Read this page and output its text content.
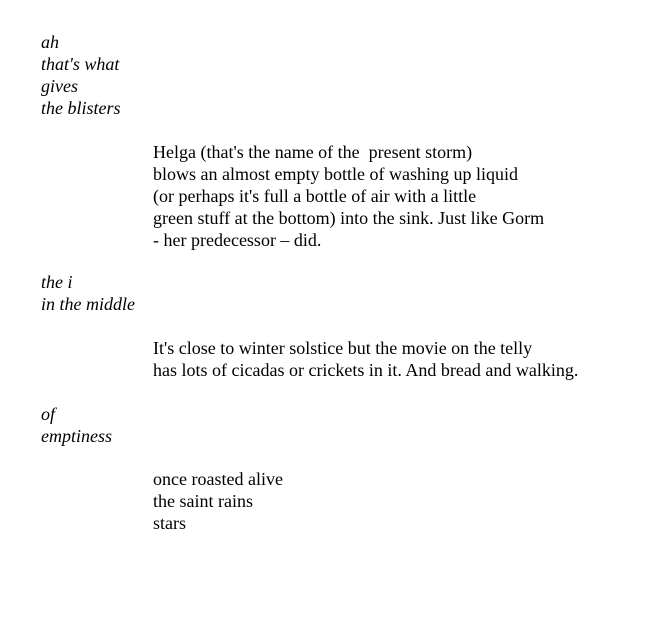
ah
that's what
gives
the blisters
Helga (that's the name of the  present storm)
blows an almost empty bottle of washing up liquid
(or perhaps it's full a bottle of air with a little
green stuff at the bottom) into the sink. Just like Gorm
- her predecessor – did.
the i
in the middle
It's close to winter solstice but the movie on the telly
has lots of cicadas or crickets in it. And bread and walking.
of
emptiness
once roasted alive
the saint rains
stars
